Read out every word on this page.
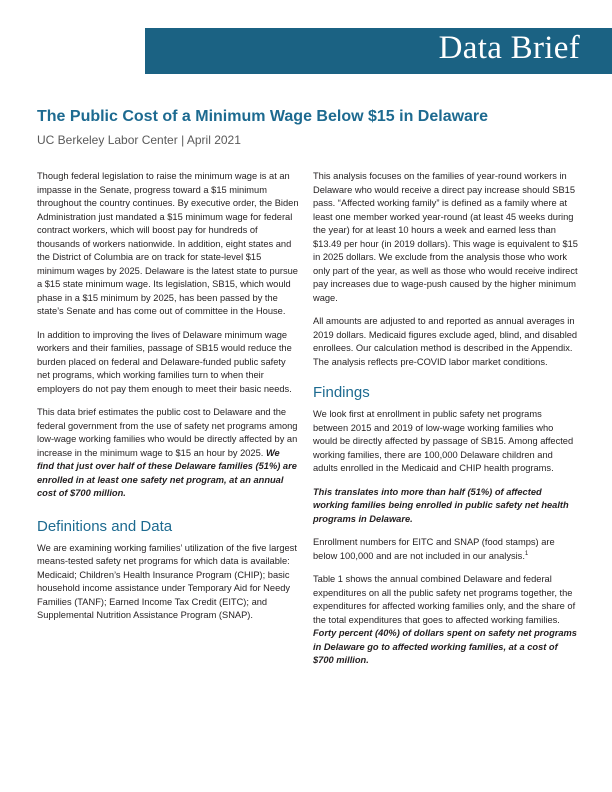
Data Brief
The Public Cost of a Minimum Wage Below $15 in Delaware
UC Berkeley Labor Center | April 2021

Though federal legislation to raise the minimum wage is at an impasse in the Senate, progress toward a $15 minimum throughout the country continues. By executive order, the Biden Administration just mandated a $15 minimum wage for federal contract workers, which will boost pay for hundreds of thousands of workers nationwide. In addition, eight states and the District of Columbia are on track for state-level $15 minimum wages by 2025. Delaware is the latest state to pursue a $15 state minimum wage. Its legislation, SB15, which would phase in a $15 minimum by 2025, has been passed by the state’s Senate and has come out of committee in the House.

In addition to improving the lives of Delaware minimum wage workers and their families, passage of SB15 would reduce the burden placed on federal and Delaware-funded public safety net programs, which working families turn to when their employers do not pay them enough to meet their basic needs.

This data brief estimates the public cost to Delaware and the federal government from the use of safety net programs among low-wage working families who would be directly affected by an increase in the minimum wage to $15 an hour by 2025. We find that just over half of these Delaware families (51%) are enrolled in at least one safety net program, at an annual cost of $700 million.

Definitions and Data

We are examining working families’ utilization of the five largest means-tested safety net programs for which data is available: Medicaid; Children’s Health Insurance Program (CHIP); basic household income assistance under Temporary Aid for Needy Families (TANF); Earned Income Tax Credit (EITC); and Supplemental Nutrition Assistance Program (SNAP).

This analysis focuses on the families of year-round workers in Delaware who would receive a direct pay increase should SB15 pass. “Affected working family” is defined as a family where at least one member worked year-round (at least 45 weeks during the year) for at least 10 hours a week and earned less than $13.49 per hour (in 2019 dollars). This wage is equivalent to $15 in 2025 dollars. We exclude from the analysis those who work only part of the year, as well as those who would receive indirect pay increases due to wage-push caused by the higher minimum wage.

All amounts are adjusted to and reported as annual averages in 2019 dollars. Medicaid figures exclude aged, blind, and disabled enrollees. Our calculation method is described in the Appendix. The analysis reflects pre-COVID labor market conditions.

Findings

We look first at enrollment in public safety net programs between 2015 and 2019 of low-wage working families who would be directly affected by passage of SB15. Among affected working families, there are 100,000 Delaware children and adults enrolled in the Medicaid and CHIP health programs.

This translates into more than half (51%) of affected working families being enrolled in public safety net health programs in Delaware.

Enrollment numbers for EITC and SNAP (food stamps) are below 100,000 and are not included in our analysis.$^1$

Table 1 shows the annual combined Delaware and federal expenditures on all the public safety net programs together, the expenditures for affected working families only, and the share of the total expenditures that goes to affected working families. Forty percent (40%) of dollars spent on safety net programs in Delaware go to affected working families, at a cost of $700 million.
